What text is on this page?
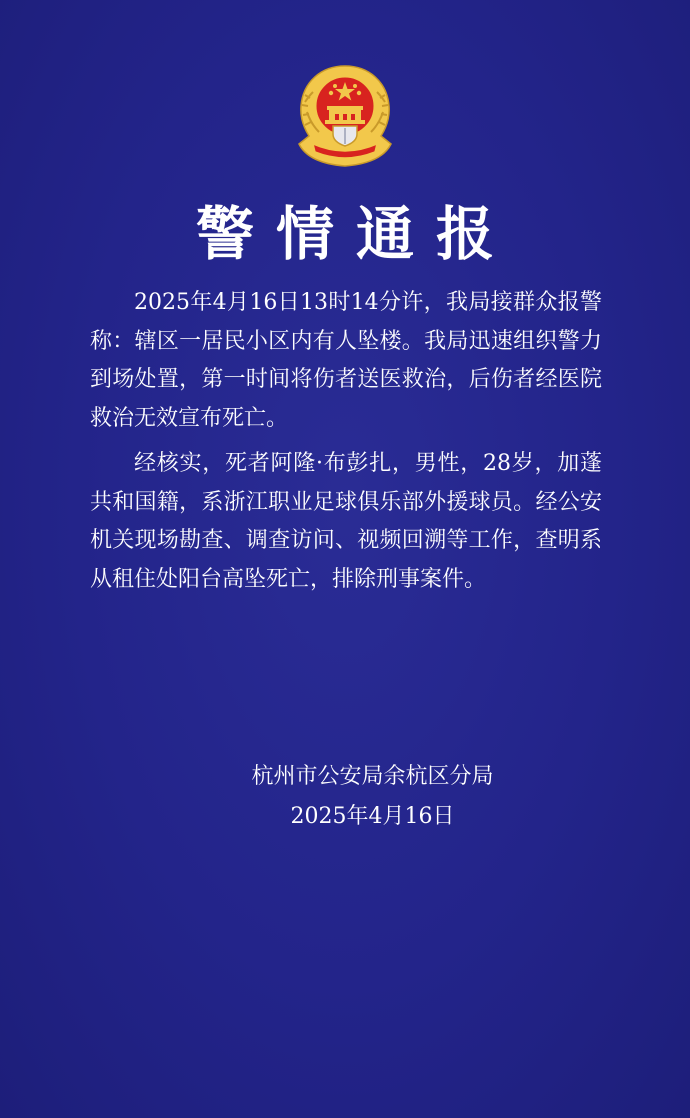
警情通报

2025年4月16日13时14分许，我局接群众报警称：辖区一居民小区内有人坠楼。我局迅速组织警力到场处置，第一时间将伤者送医救治，后伤者经医院救治无效宣布死亡。

经核实，死者阿隆·布彭扎，男性，28岁，加蓬共和国籍，系浙江职业足球俱乐部外援球员。经公安机关现场勘查、调查访问、视频回溯等工作，查明系从租住处阳台高坠死亡，排除刑事案件。

杭州市公安局余杭区分局
2025年4月16日
